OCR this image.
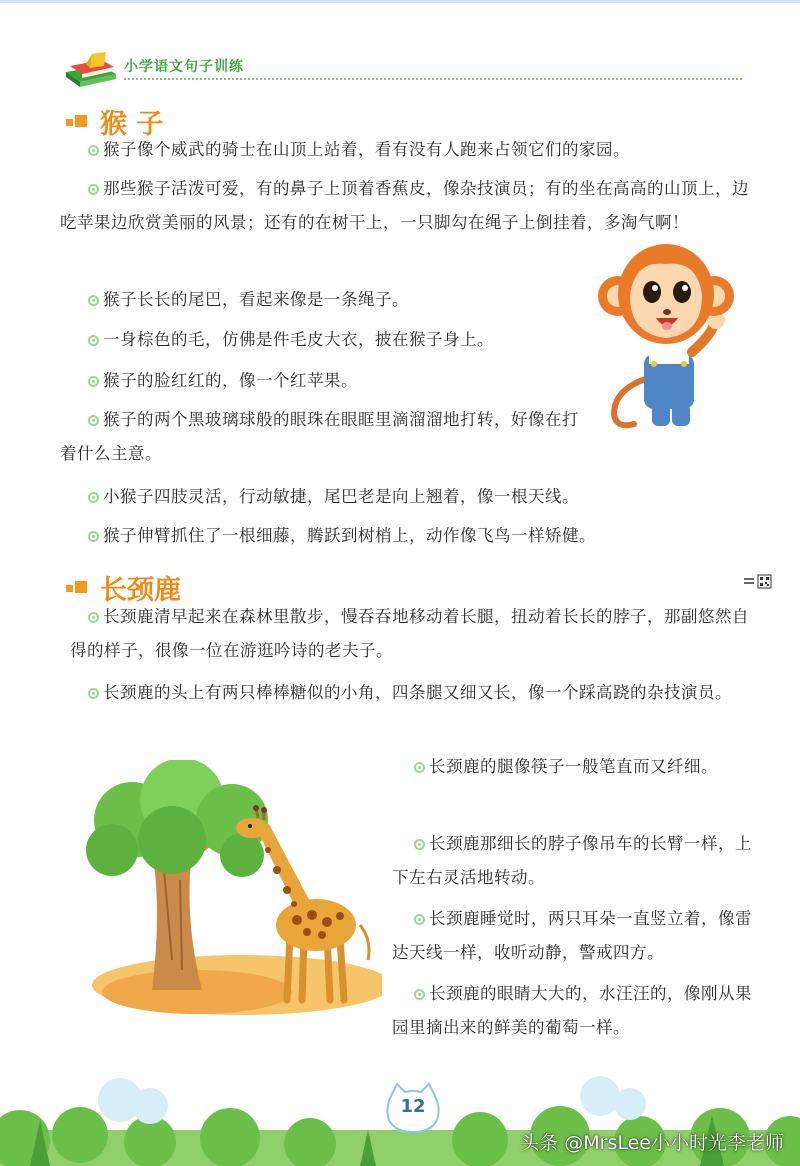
小学语文句子训练
猴 子

猴子像个威武的骑士在山顶上站着，看有没有人跑来占领它们的家园。

那些猴子活泼可爱，有的鼻子上顶着香蕉皮，像杂技演员；有的坐在高高的山顶上，边吃苹果边欣赏美丽的风景；还有的在树干上，一只脚勾在绳子上倒挂着，多淘气啊！

猴子长长的尾巴，看起来像是一条绳子。

一身棕色的毛，仿佛是件毛皮大衣，披在猴子身上。

猴子的脸红红的，像一个红苹果。

猴子的两个黑玻璃球般的眼珠在眼眶里滴溜溜地打转，好像在打着什么主意。

小猴子四肢灵活，行动敏捷，尾巴老是向上翘着，像一根天线。

猴子伸臂抓住了一根细藤，腾跃到树梢上，动作像飞鸟一样矫健。

长颈鹿

长颈鹿清早起来在森林里散步，慢吞吞地移动着长腿，扭动着长长的脖子，那副悠然自得的样子，很像一位在游逛吟诗的老夫子。

长颈鹿的头上有两只棒棒糖似的小角，四条腿又细又长，像一个踩高跷的杂技演员。

长颈鹿的腿像筷子一般笔直而又纤细。

长颈鹿那细长的脖子像吊车的长臂一样，上下左右灵活地转动。

长颈鹿睡觉时，两只耳朵一直竖立着，像雷达天线一样，收听动静，警戒四方。

长颈鹿的眼睛大大的，水汪汪的，像刚从果园里摘出来的鲜美的葡萄一样。

12
头条 @MrsLee小小时光李老师
